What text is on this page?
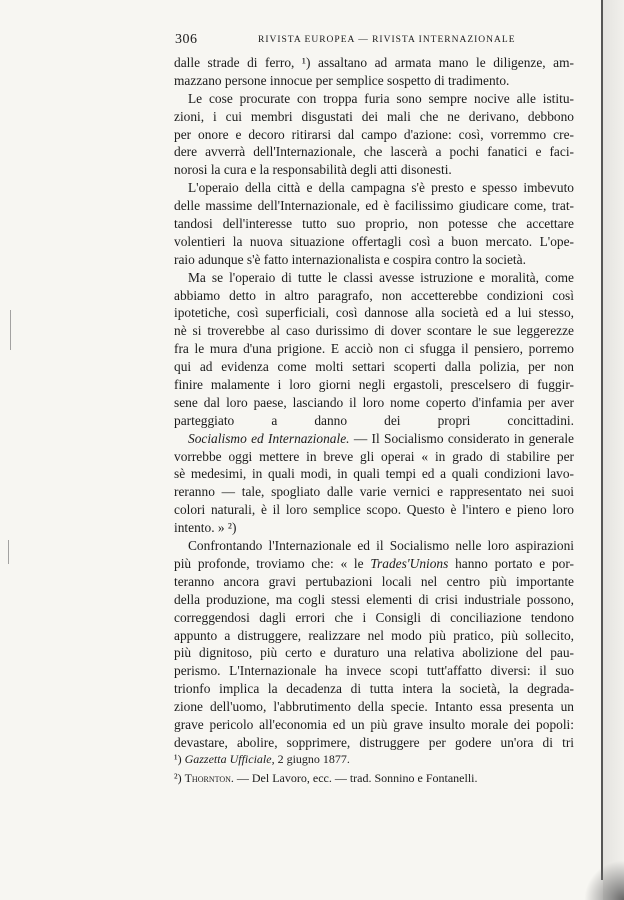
306	RIVISTA EUROPEA — RIVISTA INTERNAZIONALE
dalle strade di ferro, ¹) assaltano ad armata mano le diligenze, am-
mazzano persone innocue per semplice sospetto di tradimento.
Le cose procurate con troppa furia sono sempre nocive alle istitu-
zioni, i cui membri disgustati dei mali che ne derivano, debbono
per onore e decoro ritirarsi dal campo d'azione: così, vorremmo cre-
dere avverrà dell'Internazionale, che lascerà a pochi fanatici e faci-
norosi la cura e la responsabilità degli atti disonesti.
L'operaio della città e della campagna s'è presto e spesso imbevuto
delle massime dell'Internazionale, ed è facilissimo giudicare come, trat-
tandosi dell'interesse tutto suo proprio, non potesse che accettare
volentieri la nuova situazione offertagli così a buon mercato. L'ope-
raio adunque s'è fatto internazionalista e cospira contro la società.
Ma se l'operaio di tutte le classi avesse istruzione e moralità, come
abbiamo detto in altro paragrafo, non accetterebbe condizioni così
ipotetiche, così superficiali, così dannose alla società ed a lui stesso,
nè si troverebbe al caso durissimo di dover scontare le sue leggerezze
fra le mura d'una prigione. E acciò non ci sfugga il pensiero, porremo
qui ad evidenza come molti settari scoperti dalla polizia, per non
finire malamente i loro giorni negli ergastoli, prescelsero di fuggir-
sene dal loro paese, lasciando il loro nome coperto d'infamia per aver
parteggiato a danno dei propri concittadini.
Socialismo ed Internazionale. — Il Socialismo considerato in generale
vorrebbe oggi mettere in breve gli operai « in grado di stabilire per
sè medesimi, in quali modi, in quali tempi ed a quali condizioni lavo-
reranno — tale, spogliato dalle varie vernici e rappresentato nei suoi
colori naturali, è il loro semplice scopo. Questo è l'intero e pieno loro
intento. » ²)
Confrontando l'Internazionale ed il Socialismo nelle loro aspirazioni
più profonde, troviamo che: « le Trades'Unions hanno portato e por-
teranno ancora gravi pertubazioni locali nel centro più importante
della produzione, ma cogli stessi elementi di crisi industriale possono,
correggendosi dagli errori che i Consigli di conciliazione tendono
appunto a distruggere, realizzare nel modo più pratico, più sollecito,
più dignitoso, più certo e duraturo una relativa abolizione del pau-
perismo. L'Internazionale ha invece scopi tutt'affatto diversi: il suo
trionfo implica la decadenza di tutta intera la società, la degrada-
zione dell'uomo, l'abbrutimento della specie. Intanto essa presenta un
grave pericolo all'economia ed un più grave insulto morale dei popoli:
devastare, abolire, sopprimere, distruggere per godere un'ora di tri
¹) Gazzetta Ufficiale, 2 giugno 1877.
²) Thornton. — Del Lavoro, ecc. — trad. Sonnino e Fontanelli.
